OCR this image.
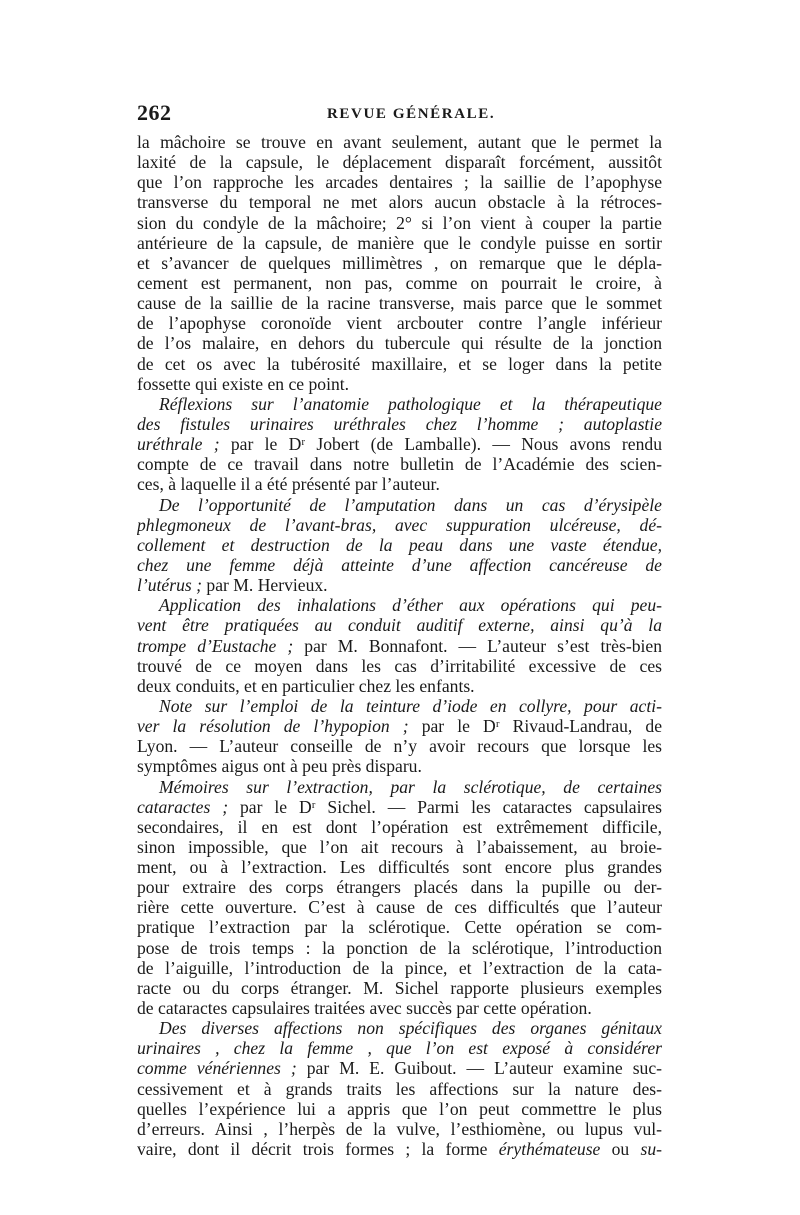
262	REVUE GÉNÉRALE.
la mâchoire se trouve en avant seulement, autant que le permet la
laxité de la capsule, le déplacement disparaît forcément, aussitôt
que l’on rapproche les arcades dentaires ; la saillie de l’apophyse
transverse du temporal ne met alors aucun obstacle à la rétroces-
sion du condyle de la mâchoire; 2° si l’on vient à couper la partie
antérieure de la capsule, de manière que le condyle puisse en sortir
et s’avancer de quelques millimètres , on remarque que le dépla-
cement est permanent, non pas, comme on pourrait le croire, à
cause de la saillie de la racine transverse, mais parce que le sommet
de l’apophyse coronoïde vient arcbouter contre l’angle inférieur
de l’os malaire, en dehors du tubercule qui résulte de la jonction
de cet os avec la tubérosité maxillaire, et se loger dans la petite
fossette qui existe en ce point.
Réflexions sur l’anatomie pathologique et la thérapeutique
des fistules urinaires uréthrales chez l’homme ; autoplastie
uréthrale ; par le Dʳ Jobert (de Lamballe). — Nous avons rendu
compte de ce travail dans notre bulletin de l’Académie des scien-
ces, à laquelle il a été présenté par l’auteur.
De l’opportunité de l’amputation dans un cas d’érysipèle
phlegmoneux de l’avant-bras, avec suppuration ulcéreuse, dé-
collement et destruction de la peau dans une vaste étendue,
chez une femme déjà atteinte d’une affection cancéreuse de
l’utérus ; par M. Hervieux.
Application des inhalations d’éther aux opérations qui peu-
vent être pratiquées au conduit auditif externe, ainsi qu’à la
trompe d’Eustache ; par M. Bonnafont. — L’auteur s’est très-bien
trouvé de ce moyen dans les cas d’irritabilité excessive de ces
deux conduits, et en particulier chez les enfants.
Note sur l’emploi de la teinture d’iode en collyre, pour acti-
ver la résolution de l’hypopion ; par le Dʳ Rivaud-Landrau, de
Lyon. — L’auteur conseille de n’y avoir recours que lorsque les
symptômes aigus ont à peu près disparu.
Mémoires sur l’extraction, par la sclérotique, de certaines
cataractes ; par le Dʳ Sichel. — Parmi les cataractes capsulaires
secondaires, il en est dont l’opération est extrêmement difficile,
sinon impossible, que l’on ait recours à l’abaissement, au broie-
ment, ou à l’extraction. Les difficultés sont encore plus grandes
pour extraire des corps étrangers placés dans la pupille ou der-
rière cette ouverture. C’est à cause de ces difficultés que l’auteur
pratique l’extraction par la sclérotique. Cette opération se com-
pose de trois temps : la ponction de la sclérotique, l’introduction
de l’aiguille, l’introduction de la pince, et l’extraction de la cata-
racte ou du corps étranger. M. Sichel rapporte plusieurs exemples
de cataractes capsulaires traitées avec succès par cette opération.
Des diverses affections non spécifiques des organes génitaux
urinaires , chez la femme , que l’on est exposé à considérer
comme vénériennes ; par M. E. Guibout. — L’auteur examine suc-
cessivement et à grands traits les affections sur la nature des-
quelles l’expérience lui a appris que l’on peut commettre le plus
d’erreurs. Ainsi , l’herpès de la vulve, l’esthiomène, ou lupus vul-
vaire, dont il décrit trois formes ; la forme érythémateuse ou su-
